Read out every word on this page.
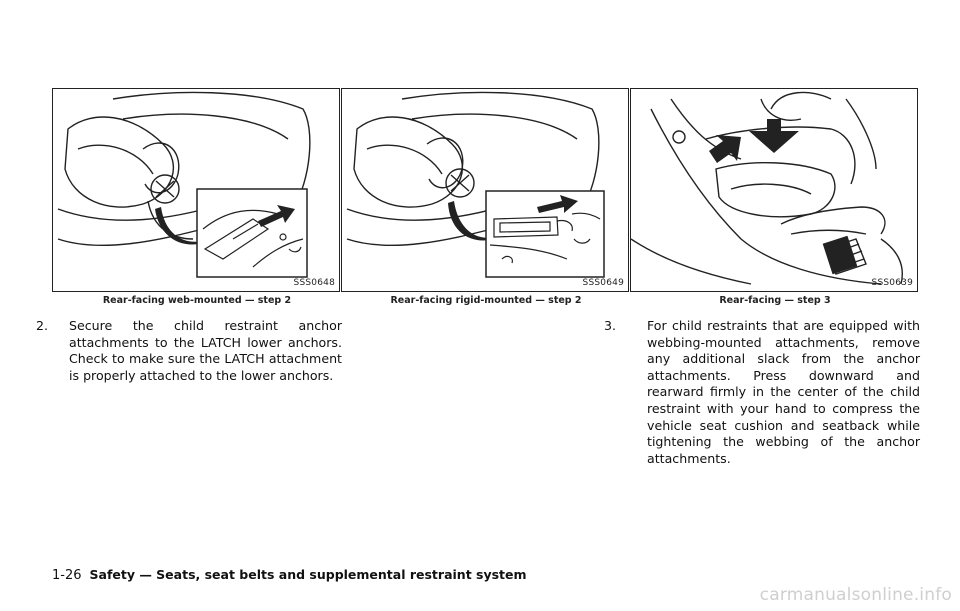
SSS0648
Rear-facing web-mounted — step 2
2. Secure the child restraint anchor attachments to the LATCH lower anchors. Check to make sure the LATCH attachment is properly attached to the lower anchors.
SSS0649
Rear-facing rigid-mounted — step 2
SSS0639
Rear-facing — step 3
3. For child restraints that are equipped with webbing-mounted attachments, remove any additional slack from the anchor attachments. Press downward and rearward firmly in the center of the child restraint with your hand to compress the vehicle seat cushion and seatback while tightening the webbing of the anchor attachments.
1-26 Safety — Seats, seat belts and supplemental restraint system
carmanualsonline.info
